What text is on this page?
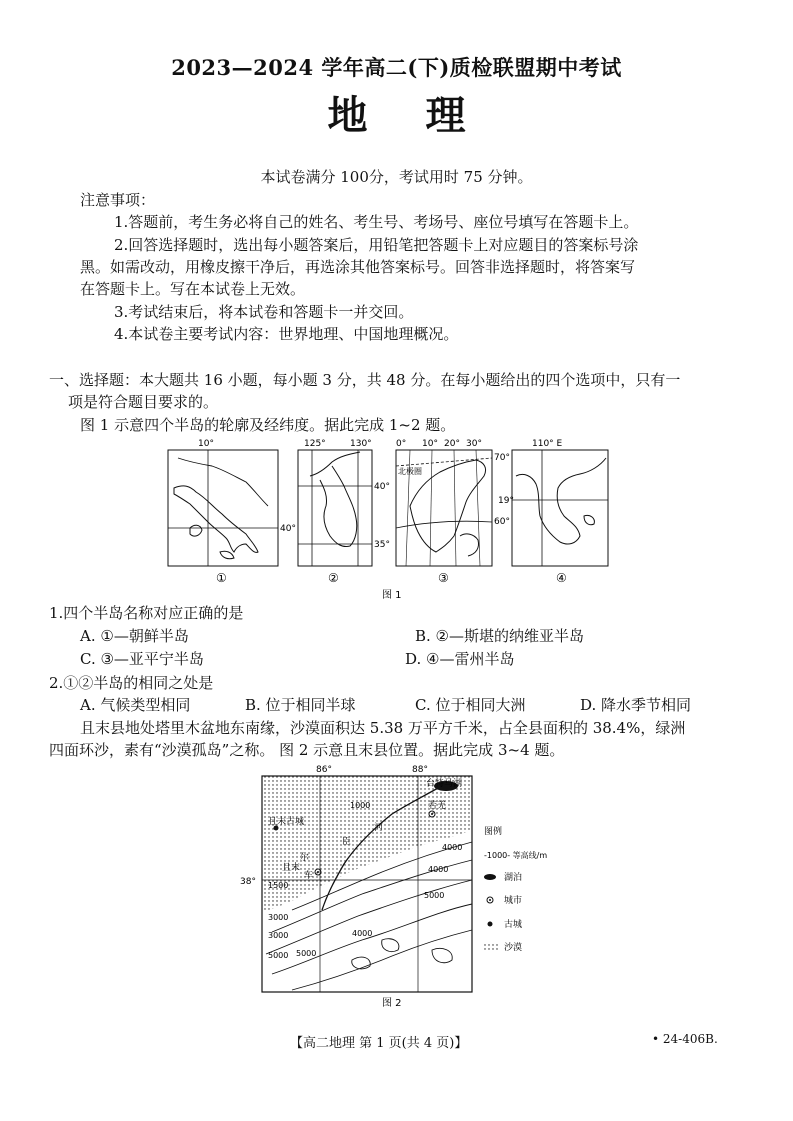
2023—2024 学年高二(下)质检联盟期中考试
地理
本试卷满分 100分，考试用时 75 分钟。
注意事项：
1.答题前，考生务必将自己的姓名、考生号、考场号、座位号填写在答题卡上。
2.回答选择题时，选出每小题答案后，用铅笔把答题卡上对应题目的答案标号涂
黑。如需改动，用橡皮擦干净后，再选涂其他答案标号。回答非选择题时，将答案写
在答题卡上。写在本试卷上无效。
3.考试结束后，将本试卷和答题卡一并交回。
4.本试卷主要考试内容：世界地理、中国地理概况。
一、选择题：本大题共 16 小题，每小题 3 分，共 48 分。在每小题给出的四个选项中，只有一
项是符合题目要求的。
图 1 示意四个半岛的轮廓及经纬度。据此完成 1~2 题。
10°
40°
①
125°	130°
40°
35°
②
0° 10° 20° 30°
70°
60°
北极圈
③
110° E
19°
④
图 1
1.四个半岛名称对应正确的是
A. ①—朝鲜半岛	B. ②—斯堪的纳维亚半岛
C. ③—亚平宁半岛	D. ④—雷州半岛
2.①②半岛的相同之处是
A. 气候类型相同	B. 位于相同半球	C. 位于相同大洲	D. 降水季节相同
且末县地处塔里木盆地东南缘，沙漠面积达 5.38 万平方千米，占全县面积的 38.4%，绿洲
四面环沙，素有“沙漠孤岛”之称。 图 2 示意且末县位置。据此完成 3~4 题。
86°	88°
38°
台特马湖
若羌
且末古城
且末
河
车
尔
臣
1000
1500
3000
4000
5000
3000
5000
4000
5000
4000
图例
-1000- 等高线/m
湖泊
城市
古城
沙漠
图 2
【高二地理 第 1 页(共 4 页)】	• 24-406B.
